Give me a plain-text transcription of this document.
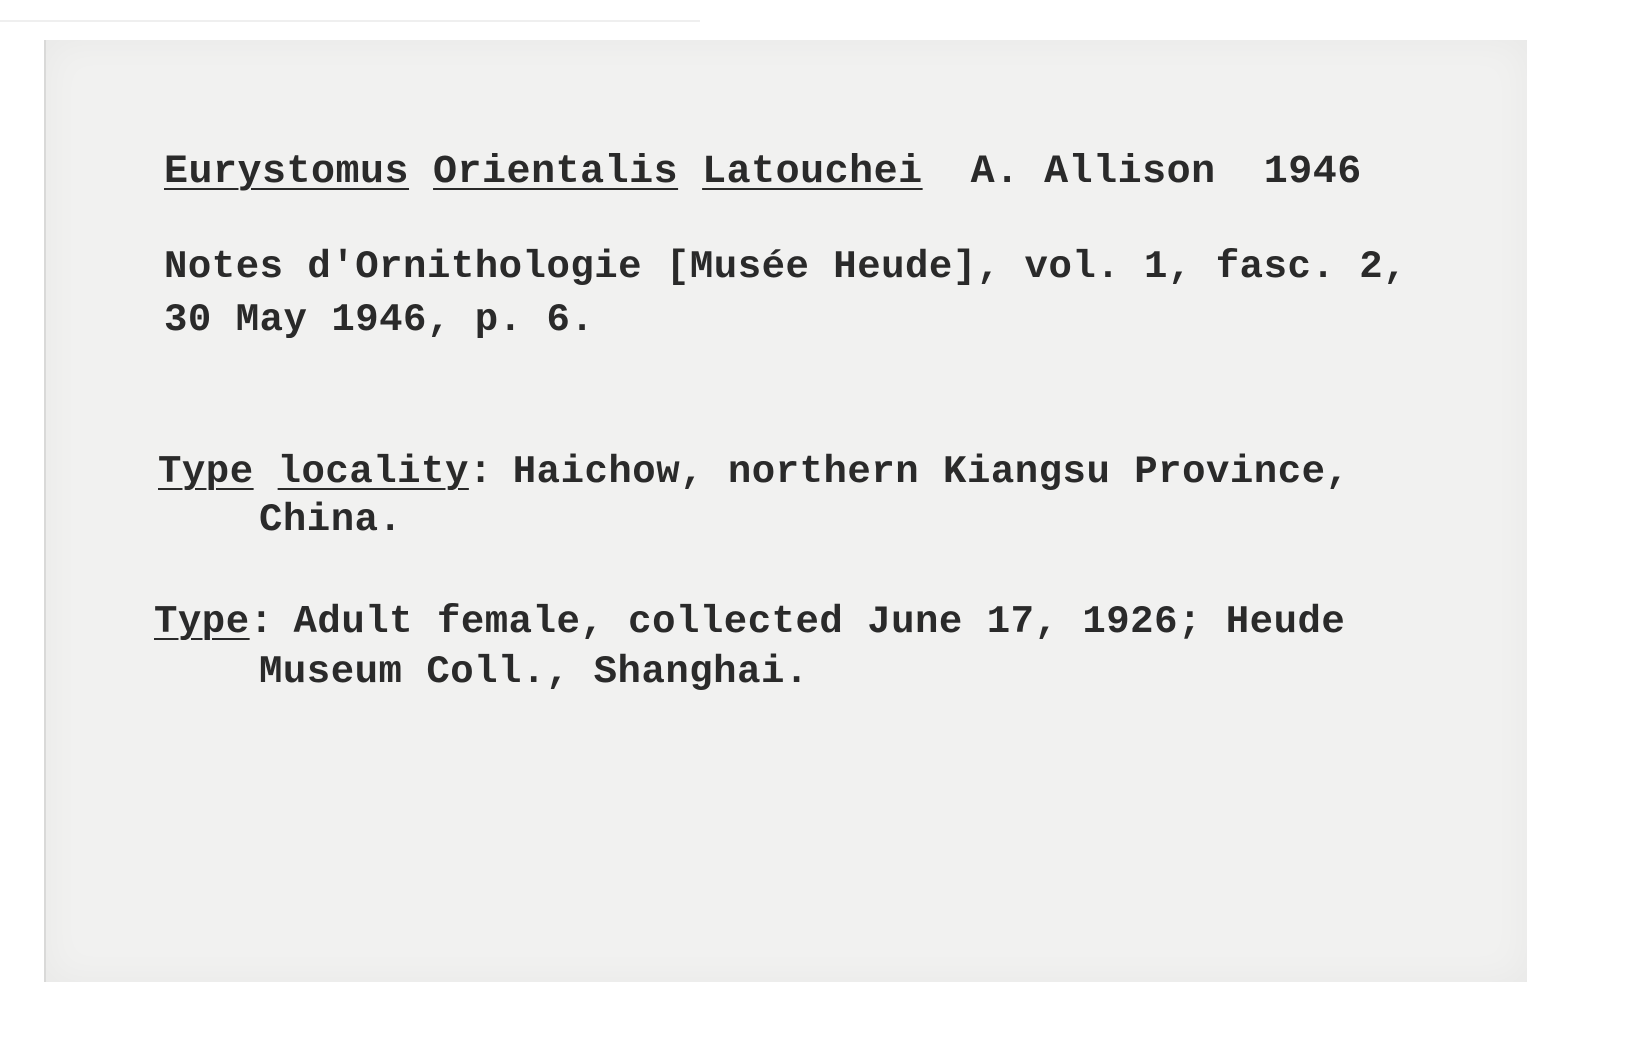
Eurystomus Orientalis Latouchei A. Allison 1946
Notes d'Ornithologie [Musée Heude], vol. 1, fasc. 2,
30 May 1946, p. 6.
Type locality: Haichow, northern Kiangsu Province,
China.
Type: Adult female, collected June 17, 1926; Heude
Museum Coll., Shanghai.
